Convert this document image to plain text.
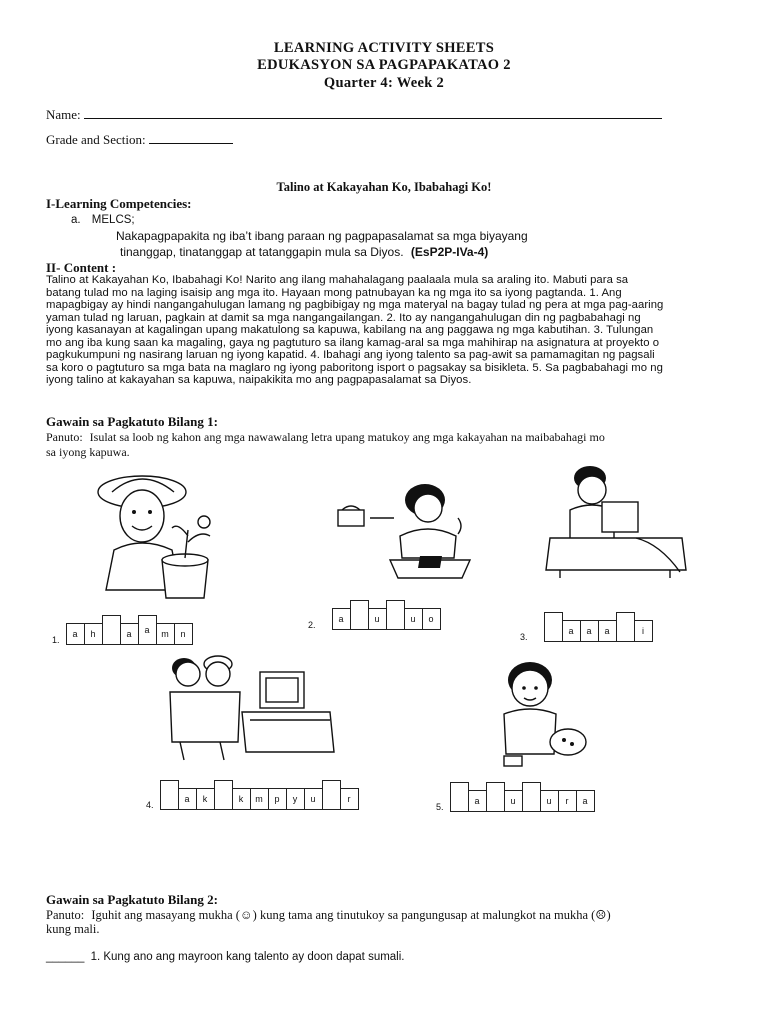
LEARNING ACTIVITY SHEETS
EDUKASYON SA PAGPAPAKATAO 2
Quarter 4: Week 2
Name:
Grade and Section:
Talino at Kakayahan Ko, Ibabahagi Ko!
I-Learning Competencies:
a. MELCS;
Nakapagpapakita ng iba’t ibang paraan ng pagpapasalamat sa mga biyayang
tinanggap, tinatanggap at tatanggapin mula sa Diyos. (EsP2P-IVa-4)
II- Content :
Talino at Kakayahan Ko, Ibabahagi Ko! Narito ang ilang mahahalagang paalaala mula sa araling ito. Mabuti para sa
batang tulad mo na laging isaisip ang mga ito. Hayaan mong patnubayan ka ng mga ito sa iyong pagtanda. 1. Ang
mapagbigay ay hindi nangangahulugan lamang ng pagbibigay ng mga materyal na bagay tulad ng pera at mga pag-aaring
yaman tulad ng laruan, pagkain at damit sa mga nangangailangan. 2. Ito ay nangangahulugan din ng pagbabahagi ng
iyong kasanayan at kagalingan upang makatulong sa kapuwa, kabilang na ang paggawa ng mga kabutihan. 3. Tulungan
mo ang iba kung saan ka magaling, gaya ng pagtuturo sa ilang kamag-aral sa mga mahihirap na asignatura at proyekto o
pagkukumpuni ng nasirang laruan ng iyong kapatid. 4. Ibahagi ang iyong talento sa pag-awit sa pamamagitan ng pagsali
sa koro o pagtuturo sa mga bata na maglaro ng iyong paboritong isport o pagsakay sa bisikleta. 5. Sa pagbabahagi mo ng
iyong talino at kakayahan sa kapuwa, naipakikita mo ang pagpapasalamat sa Diyos.
Gawain sa Pagkatuto Bilang 1:
Panuto: Isulat sa loob ng kahon ang mga nawawalang letra upang matukoy ang mga kakayahan na maibabahagi mo
sa iyong kapuwa.
1.
a	h	a	a	m	n
2.
a	u	u	o
3.
a	a	a	i
4.
a	k	k	m	p	y	u	r
5.
a	u	u	r	a
Gawain sa Pagkatuto Bilang 2:
Panuto: Iguhit ang masayang mukha (☺) kung tama ang tinutukoy sa pangungusap at malungkot na mukha (☹)
kung mali.
______ 1. Kung ano ang mayroon kang talento ay doon dapat sumali.
